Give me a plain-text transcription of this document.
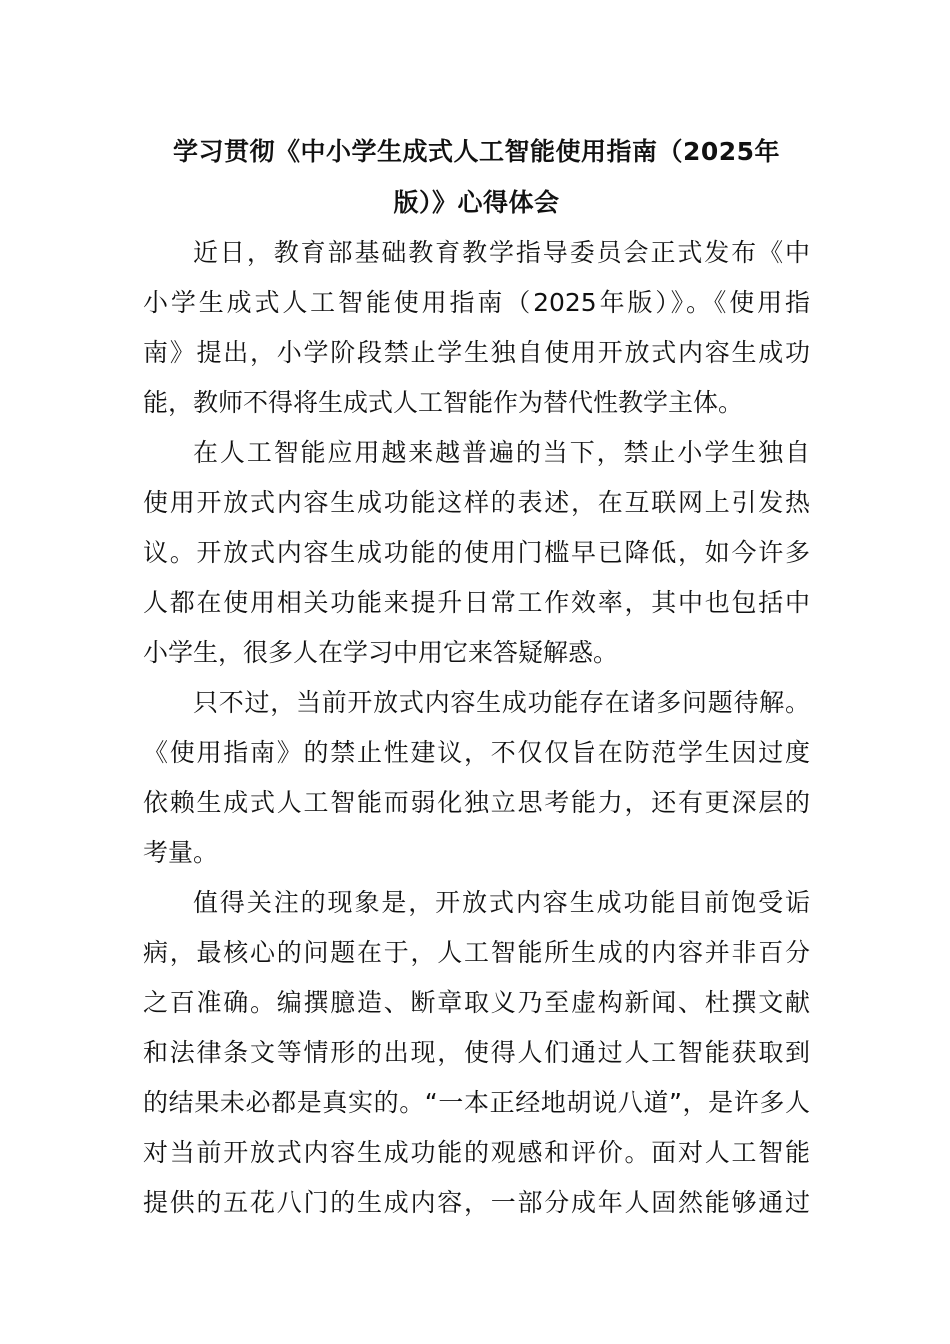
学习贯彻《中小学生成式人工智能使用指南（2025年
版）》心得体会
近日，教育部基础教育教学指导委员会正式发布《中
小学生成式人工智能使用指南（2025年版）》。《使用指
南》提出，小学阶段禁止学生独自使用开放式内容生成功
能，教师不得将生成式人工智能作为替代性教学主体。
在人工智能应用越来越普遍的当下，禁止小学生独自
使用开放式内容生成功能这样的表述，在互联网上引发热
议。开放式内容生成功能的使用门槛早已降低，如今许多
人都在使用相关功能来提升日常工作效率，其中也包括中
小学生，很多人在学习中用它来答疑解惑。
只不过，当前开放式内容生成功能存在诸多问题待解。
《使用指南》的禁止性建议，不仅仅旨在防范学生因过度
依赖生成式人工智能而弱化独立思考能力，还有更深层的
考量。
值得关注的现象是，开放式内容生成功能目前饱受诟
病，最核心的问题在于，人工智能所生成的内容并非百分
之百准确。编撰臆造、断章取义乃至虚构新闻、杜撰文献
和法律条文等情形的出现，使得人们通过人工智能获取到
的结果未必都是真实的。“一本正经地胡说八道”，是许多人
对当前开放式内容生成功能的观感和评价。面对人工智能
提供的五花八门的生成内容，一部分成年人固然能够通过
